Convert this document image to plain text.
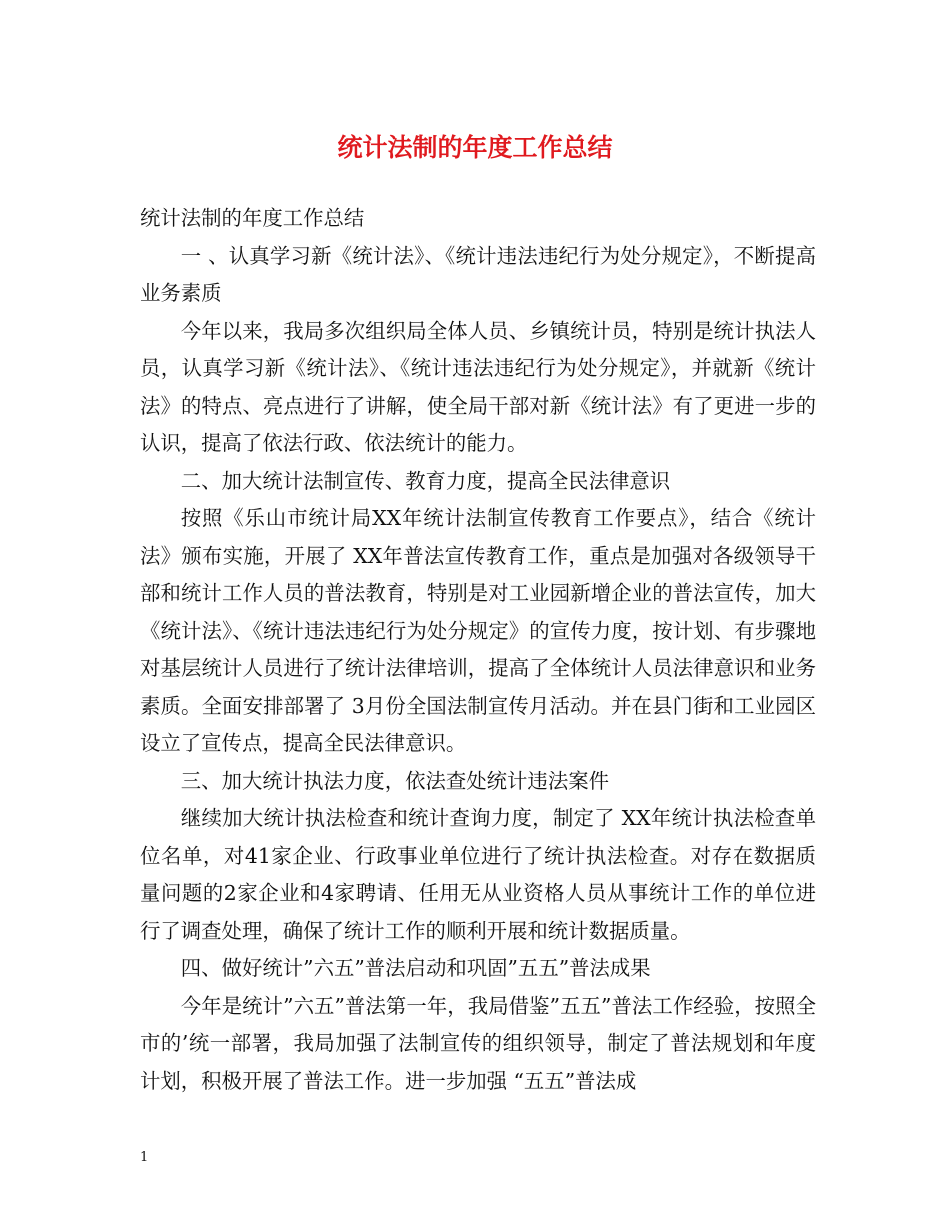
统计法制的年度工作总结

统计法制的年度工作总结

一 、认真学习新《统计法》、《统计违法违纪行为处分规定》，不断提高业务素质

今年以来，我局多次组织局全体人员、乡镇统计员，特别是统计执法人员，认真学习新《统计法》、《统计违法违纪行为处分规定》，并就新《统计法》的特点、亮点进行了讲解，使全局干部对新《统计法》有了更进一步的认识，提高了依法行政、依法统计的能力。

二、加大统计法制宣传、教育力度，提高全民法律意识

按照《乐山市统计局XX年统计法制宣传教育工作要点》，结合《统计法》颁布实施，开展了 XX年普法宣传教育工作，重点是加强对各级领导干部和统计工作人员的普法教育，特别是对工业园新增企业的普法宣传，加大《统计法》、《统计违法违纪行为处分规定》的宣传力度，按计划、有步骤地对基层统计人员进行了统计法律培训，提高了全体统计人员法律意识和业务素质。全面安排部署了 3月份全国法制宣传月活动。并在县门街和工业园区设立了宣传点，提高全民法律意识。

三、加大统计执法力度，依法查处统计违法案件

继续加大统计执法检查和统计查询力度，制定了 XX年统计执法检查单位名单，对41家企业、行政事业单位进行了统计执法检查。对存在数据质量问题的2家企业和4家聘请、任用无从业资格人员从事统计工作的单位进行了调查处理，确保了统计工作的顺利开展和统计数据质量。

四、做好统计”六五”普法启动和巩固”五五”普法成果

今年是统计”六五”普法第一年，我局借鉴”五五”普法工作经验，按照全市的’统一部署，我局加强了法制宣传的组织领导，制定了普法规划和年度计划，积极开展了普法工作。进一步加强 “五五”普法成

1
